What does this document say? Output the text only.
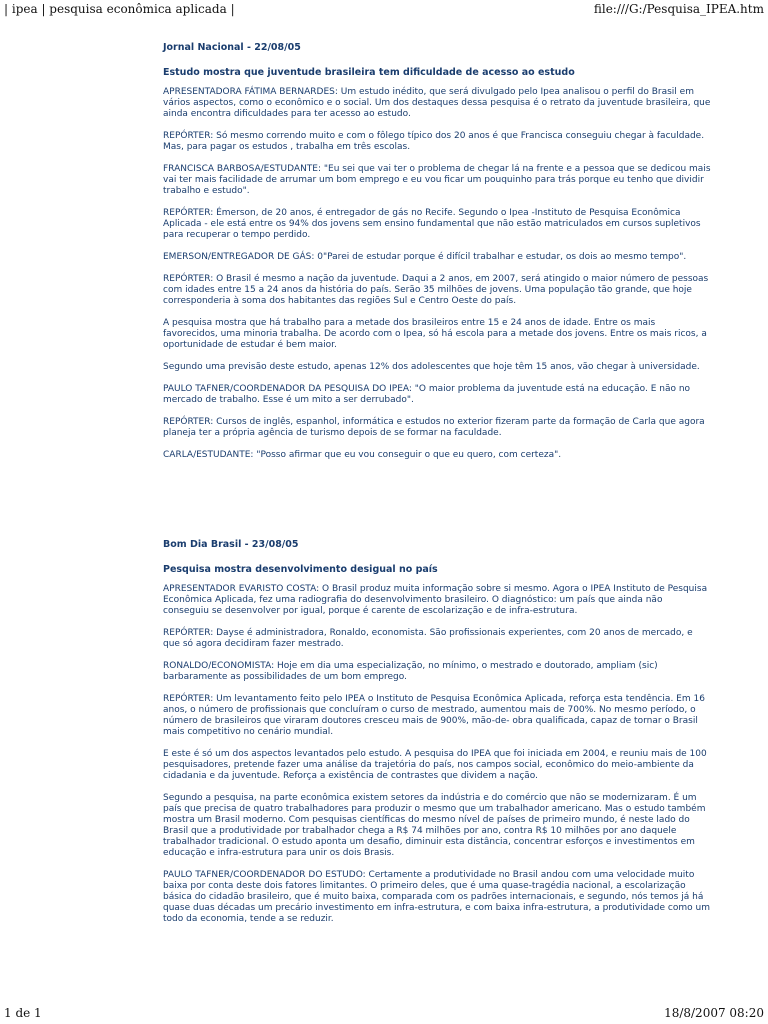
| ipea | pesquisa econômica aplicada |	file:///G:/Pesquisa_IPEA.htm

Jornal Nacional - 22/08/05

Estudo mostra que juventude brasileira tem dificuldade de acesso ao estudo

APRESENTADORA FÁTIMA BERNARDES: Um estudo inédito, que será divulgado pelo Ipea analisou o perfil do Brasil em vários aspectos, como o econômico e o social. Um dos destaques dessa pesquisa é o retrato da juventude brasileira, que ainda encontra dificuldades para ter acesso ao estudo.

REPÓRTER: Só mesmo correndo muito e com o fôlego típico dos 20 anos é que Francisca conseguiu chegar à faculdade. Mas, para pagar os estudos , trabalha em três escolas.

FRANCISCA BARBOSA/ESTUDANTE: "Eu sei que vai ter o problema de chegar lá na frente e a pessoa que se dedicou mais vai ter mais facilidade de arrumar um bom emprego e eu vou ficar um pouquinho para trás porque eu tenho que dividir trabalho e estudo".

REPÓRTER: Émerson, de 20 anos, é entregador de gás no Recife. Segundo o Ipea -Instituto de Pesquisa Econômica Aplicada - ele está entre os 94% dos jovens sem ensino fundamental que não estão matriculados em cursos supletivos para recuperar o tempo perdido.

EMERSON/ENTREGADOR DE GÁS: 0"Parei de estudar porque é difícil trabalhar e estudar, os dois ao mesmo tempo".

REPÓRTER: O Brasil é mesmo a nação da juventude. Daqui a 2 anos, em 2007, será atingido o maior número de pessoas com idades entre 15 a 24 anos da história do país. Serão 35 milhões de jovens. Uma população tão grande, que hoje corresponderia à soma dos habitantes das regiões Sul e Centro Oeste do país.

A pesquisa mostra que há trabalho para a metade dos brasileiros entre 15 e 24 anos de idade. Entre os mais favorecidos, uma minoria trabalha. De acordo com o Ipea, só há escola para a metade dos jovens. Entre os mais ricos, a oportunidade de estudar é bem maior.

Segundo uma previsão deste estudo, apenas 12% dos adolescentes que hoje têm 15 anos, vão chegar à universidade.

PAULO TAFNER/COORDENADOR DA PESQUISA DO IPEA: "O maior problema da juventude está na educação. E não no mercado de trabalho. Esse é um mito a ser derrubado".

REPÓRTER: Cursos de inglês, espanhol, informática e estudos no exterior fizeram parte da formação de Carla que agora planeja ter a própria agência de turismo depois de se formar na faculdade.

CARLA/ESTUDANTE: "Posso afirmar que eu vou conseguir o que eu quero, com certeza".

Bom Dia Brasil - 23/08/05

Pesquisa mostra desenvolvimento desigual no país

APRESENTADOR EVARISTO COSTA: O Brasil produz muita informação sobre si mesmo. Agora o IPEA Instituto de Pesquisa Econômica Aplicada, fez uma radiografia do desenvolvimento brasileiro. O diagnóstico: um país que ainda não conseguiu se desenvolver por igual, porque é carente de escolarização e de infra-estrutura.

REPÓRTER: Dayse é administradora, Ronaldo, economista. São profissionais experientes, com 20 anos de mercado, e que só agora decidiram fazer mestrado.

RONALDO/ECONOMISTA: Hoje em dia uma especialização, no mínimo, o mestrado e doutorado, ampliam (sic) barbaramente as possibilidades de um bom emprego.

REPÓRTER: Um levantamento feito pelo IPEA o Instituto de Pesquisa Econômica Aplicada, reforça esta tendência. Em 16 anos, o número de profissionais que concluíram o curso de mestrado, aumentou mais de 700%. No mesmo período, o número de brasileiros que viraram doutores cresceu mais de 900%, mão-de- obra qualificada, capaz de tornar o Brasil mais competitivo no cenário mundial.

E este é só um dos aspectos levantados pelo estudo. A pesquisa do IPEA que foi iniciada em 2004, e reuniu mais de 100 pesquisadores, pretende fazer uma análise da trajetória do país, nos campos social, econômico do meio-ambiente da cidadania e da juventude. Reforça a existência de contrastes que dividem a nação.

Segundo a pesquisa, na parte econômica existem setores da indústria e do comércio que não se modernizaram. É um país que precisa de quatro trabalhadores para produzir o mesmo que um trabalhador americano. Mas o estudo também mostra um Brasil moderno. Com pesquisas científicas do mesmo nível de países de primeiro mundo, é neste lado do Brasil que a produtividade por trabalhador chega a R$ 74 milhões por ano, contra R$ 10 milhões por ano daquele trabalhador tradicional. O estudo aponta um desafio, diminuir esta distância, concentrar esforços e investimentos em educação e infra-estrutura para unir os dois Brasis.

PAULO TAFNER/COORDENADOR DO ESTUDO: Certamente a produtividade no Brasil andou com uma velocidade muito baixa por conta deste dois fatores limitantes. O primeiro deles, que é uma quase-tragédia nacional, a escolarização básica do cidadão brasileiro, que é muito baixa, comparada com os padrões internacionais, e segundo, nós temos já há quase duas décadas um precário investimento em infra-estrutura, e com baixa infra-estrutura, a produtividade como um todo da economia, tende a se reduzir.

1 de 1	18/8/2007 08:20
